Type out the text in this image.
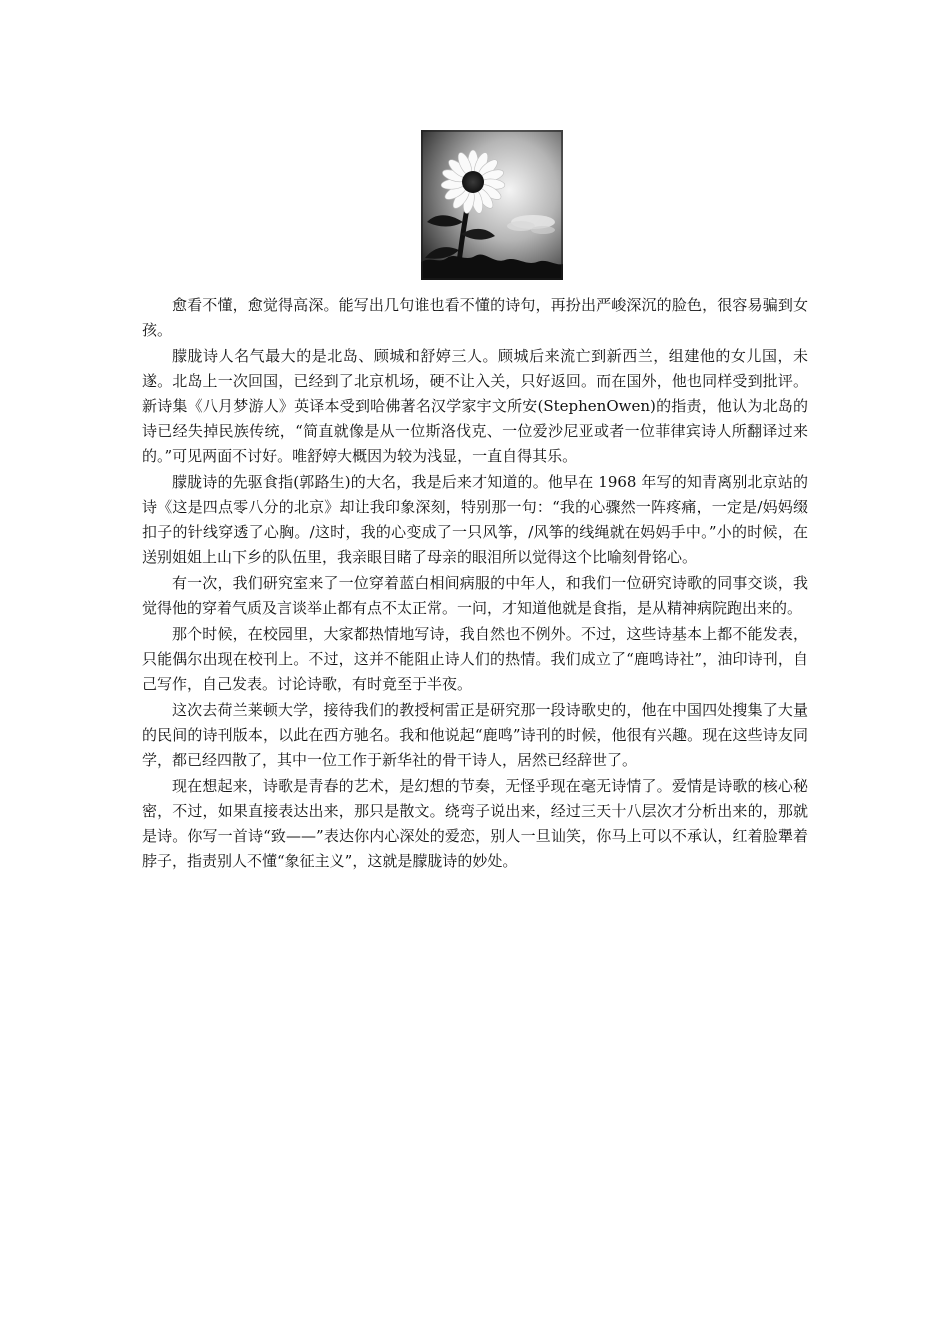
愈看不懂，愈觉得高深。能写出几句谁也看不懂的诗句，再扮出严峻深沉的脸色，很容易骗到女孩。

朦胧诗人名气最大的是北岛、顾城和舒婷三人。顾城后来流亡到新西兰，组建他的女儿国，未遂。北岛上一次回国，已经到了北京机场，硬不让入关，只好返回。而在国外，他也同样受到批评。新诗集《八月梦游人》英译本受到哈佛著名汉学家宇文所安(StephenOwen)的指责，他认为北岛的诗已经失掉民族传统，“简直就像是从一位斯洛伐克、一位爱沙尼亚或者一位菲律宾诗人所翻译过来的。”可见两面不讨好。唯舒婷大概因为较为浅显，一直自得其乐。

朦胧诗的先驱食指(郭路生)的大名，我是后来才知道的。他早在 1968 年写的知青离别北京站的诗《这是四点零八分的北京》却让我印象深刻，特别那一句：“我的心骤然一阵疼痛，一定是/妈妈缀扣子的针线穿透了心胸。/这时，我的心变成了一只风筝，/风筝的线绳就在妈妈手中。”小的时候，在送别姐姐上山下乡的队伍里，我亲眼目睹了母亲的眼泪所以觉得这个比喻刻骨铭心。

有一次，我们研究室来了一位穿着蓝白相间病服的中年人，和我们一位研究诗歌的同事交谈，我觉得他的穿着气质及言谈举止都有点不太正常。一问，才知道他就是食指，是从精神病院跑出来的。

那个时候，在校园里，大家都热情地写诗，我自然也不例外。不过，这些诗基本上都不能发表，只能偶尔出现在校刊上。不过，这并不能阻止诗人们的热情。我们成立了“鹿鸣诗社”，油印诗刊，自己写作，自己发表。讨论诗歌，有时竟至于半夜。

这次去荷兰莱顿大学，接待我们的教授柯雷正是研究那一段诗歌史的，他在中国四处搜集了大量的民间的诗刊版本，以此在西方驰名。我和他说起“鹿鸣”诗刊的时候，他很有兴趣。现在这些诗友同学，都已经四散了，其中一位工作于新华社的骨干诗人，居然已经辞世了。

现在想起来，诗歌是青春的艺术，是幻想的节奏，无怪乎现在毫无诗情了。爱情是诗歌的核心秘密，不过，如果直接表达出来，那只是散文。绕弯子说出来，经过三天十八层次才分析出来的，那就是诗。你写一首诗“致——”表达你内心深处的爱恋，别人一旦讪笑，你马上可以不承认，红着脸犟着脖子，指责别人不懂“象征主义”，这就是朦胧诗的妙处。
